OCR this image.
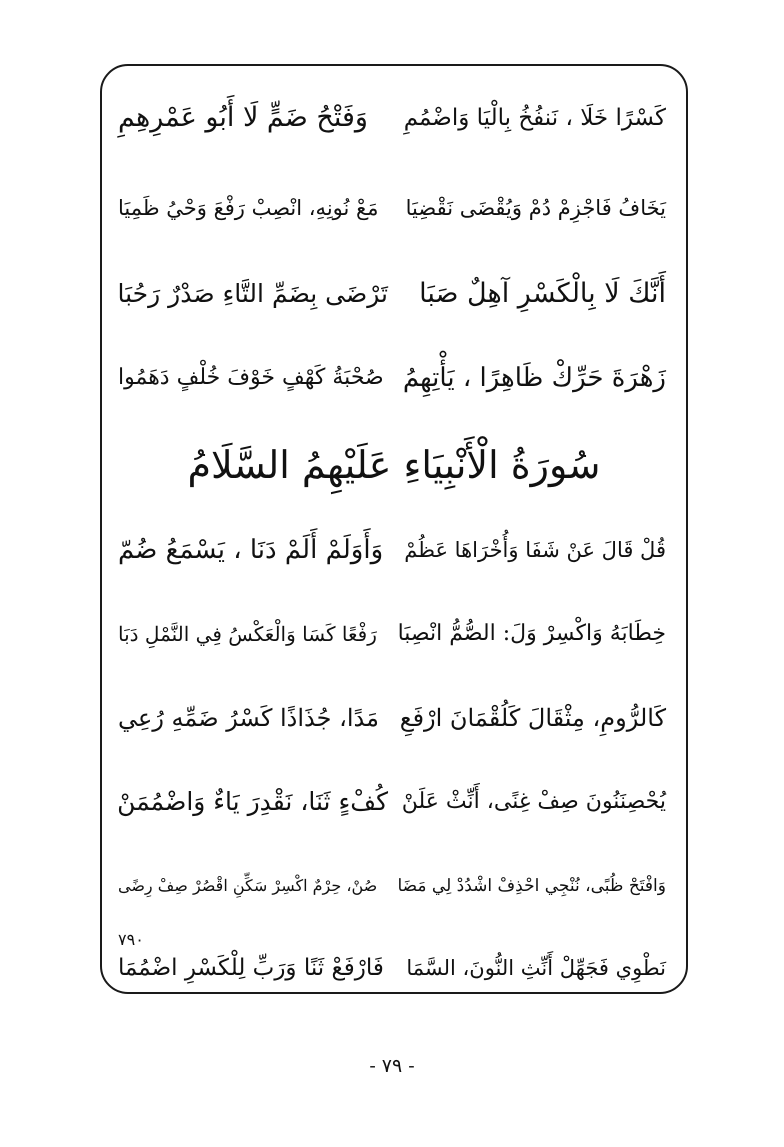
كَسْرًا خَلَا ، نَنفُخُ بِالْيَا وَاضْمُمِ
وَفَتْحُ ضَمٍّ لَا أَبُو عَمْرِهِمِ
يَخَافُ فَاجْزِمْ دُمْ وَيُقْضَى نَقْضِيَا
مَعْ نُونِهِ، انْصِبْ رَفْعَ وَحْيُ ظَمِيَا
أَنَّكَ لَا بِالْكَسْرِ آهِلٌ صَبَا
تَرْضَى بِضَمِّ التَّاءِ صَدْرٌ رَحُبَا
زَهْرَةَ حَرِّكْ ظَاهِرًا ، يَأْتِهِمُ
صُحْبَةُ كَهْفٍ خَوْفَ خُلْفٍ دَهَمُوا
سُورَةُ الْأَنْبِيَاءِ عَلَيْهِمُ السَّلَامُ
قُلْ قَالَ عَنْ شَفَا وَأُخْرَاهَا عَظُمْ
وَأَوَلَمْ أَلَمْ دَنَا ، يَسْمَعُ ضُمّ
خِطَابَهُ وَاكْسِرْ وَلَ: الصُّمُّ انْصِبَا
رَفْعًا كَسَا وَالْعَكْسُ فِي النَّمْلِ دَبَا
كَالرُّومِ، مِثْقَالَ كَلُقْمَانَ ارْفَعِ
مَدًا، جُذَاذًا كَسْرُ ضَمِّهِ رُعِي
يُحْصِنَنُونَ صِفْ غِنًى، أَنِّثْ عَلَنْ
كُفْءٍ ثَنَا، نَقْدِرَ يَاءٌ وَاضْمُمَنْ
وَافْتَحْ ظُبًى، نُنْجِي احْذِفْ اشْدُدْ لِي مَضَا
صُنْ، حِرْمٌ اكْسِرْ سَكِّنِ اقْصُرْ صِفْ رِضًى
٧٩٠
نَطْوِي فَجَهِّلْ أَنِّثِ النُّونَ، السَّمَا
فَارْفَعْ ثَنًا وَرَبِّ لِلْكَسْرِ اضْمُمَا
- ٧٩ -
